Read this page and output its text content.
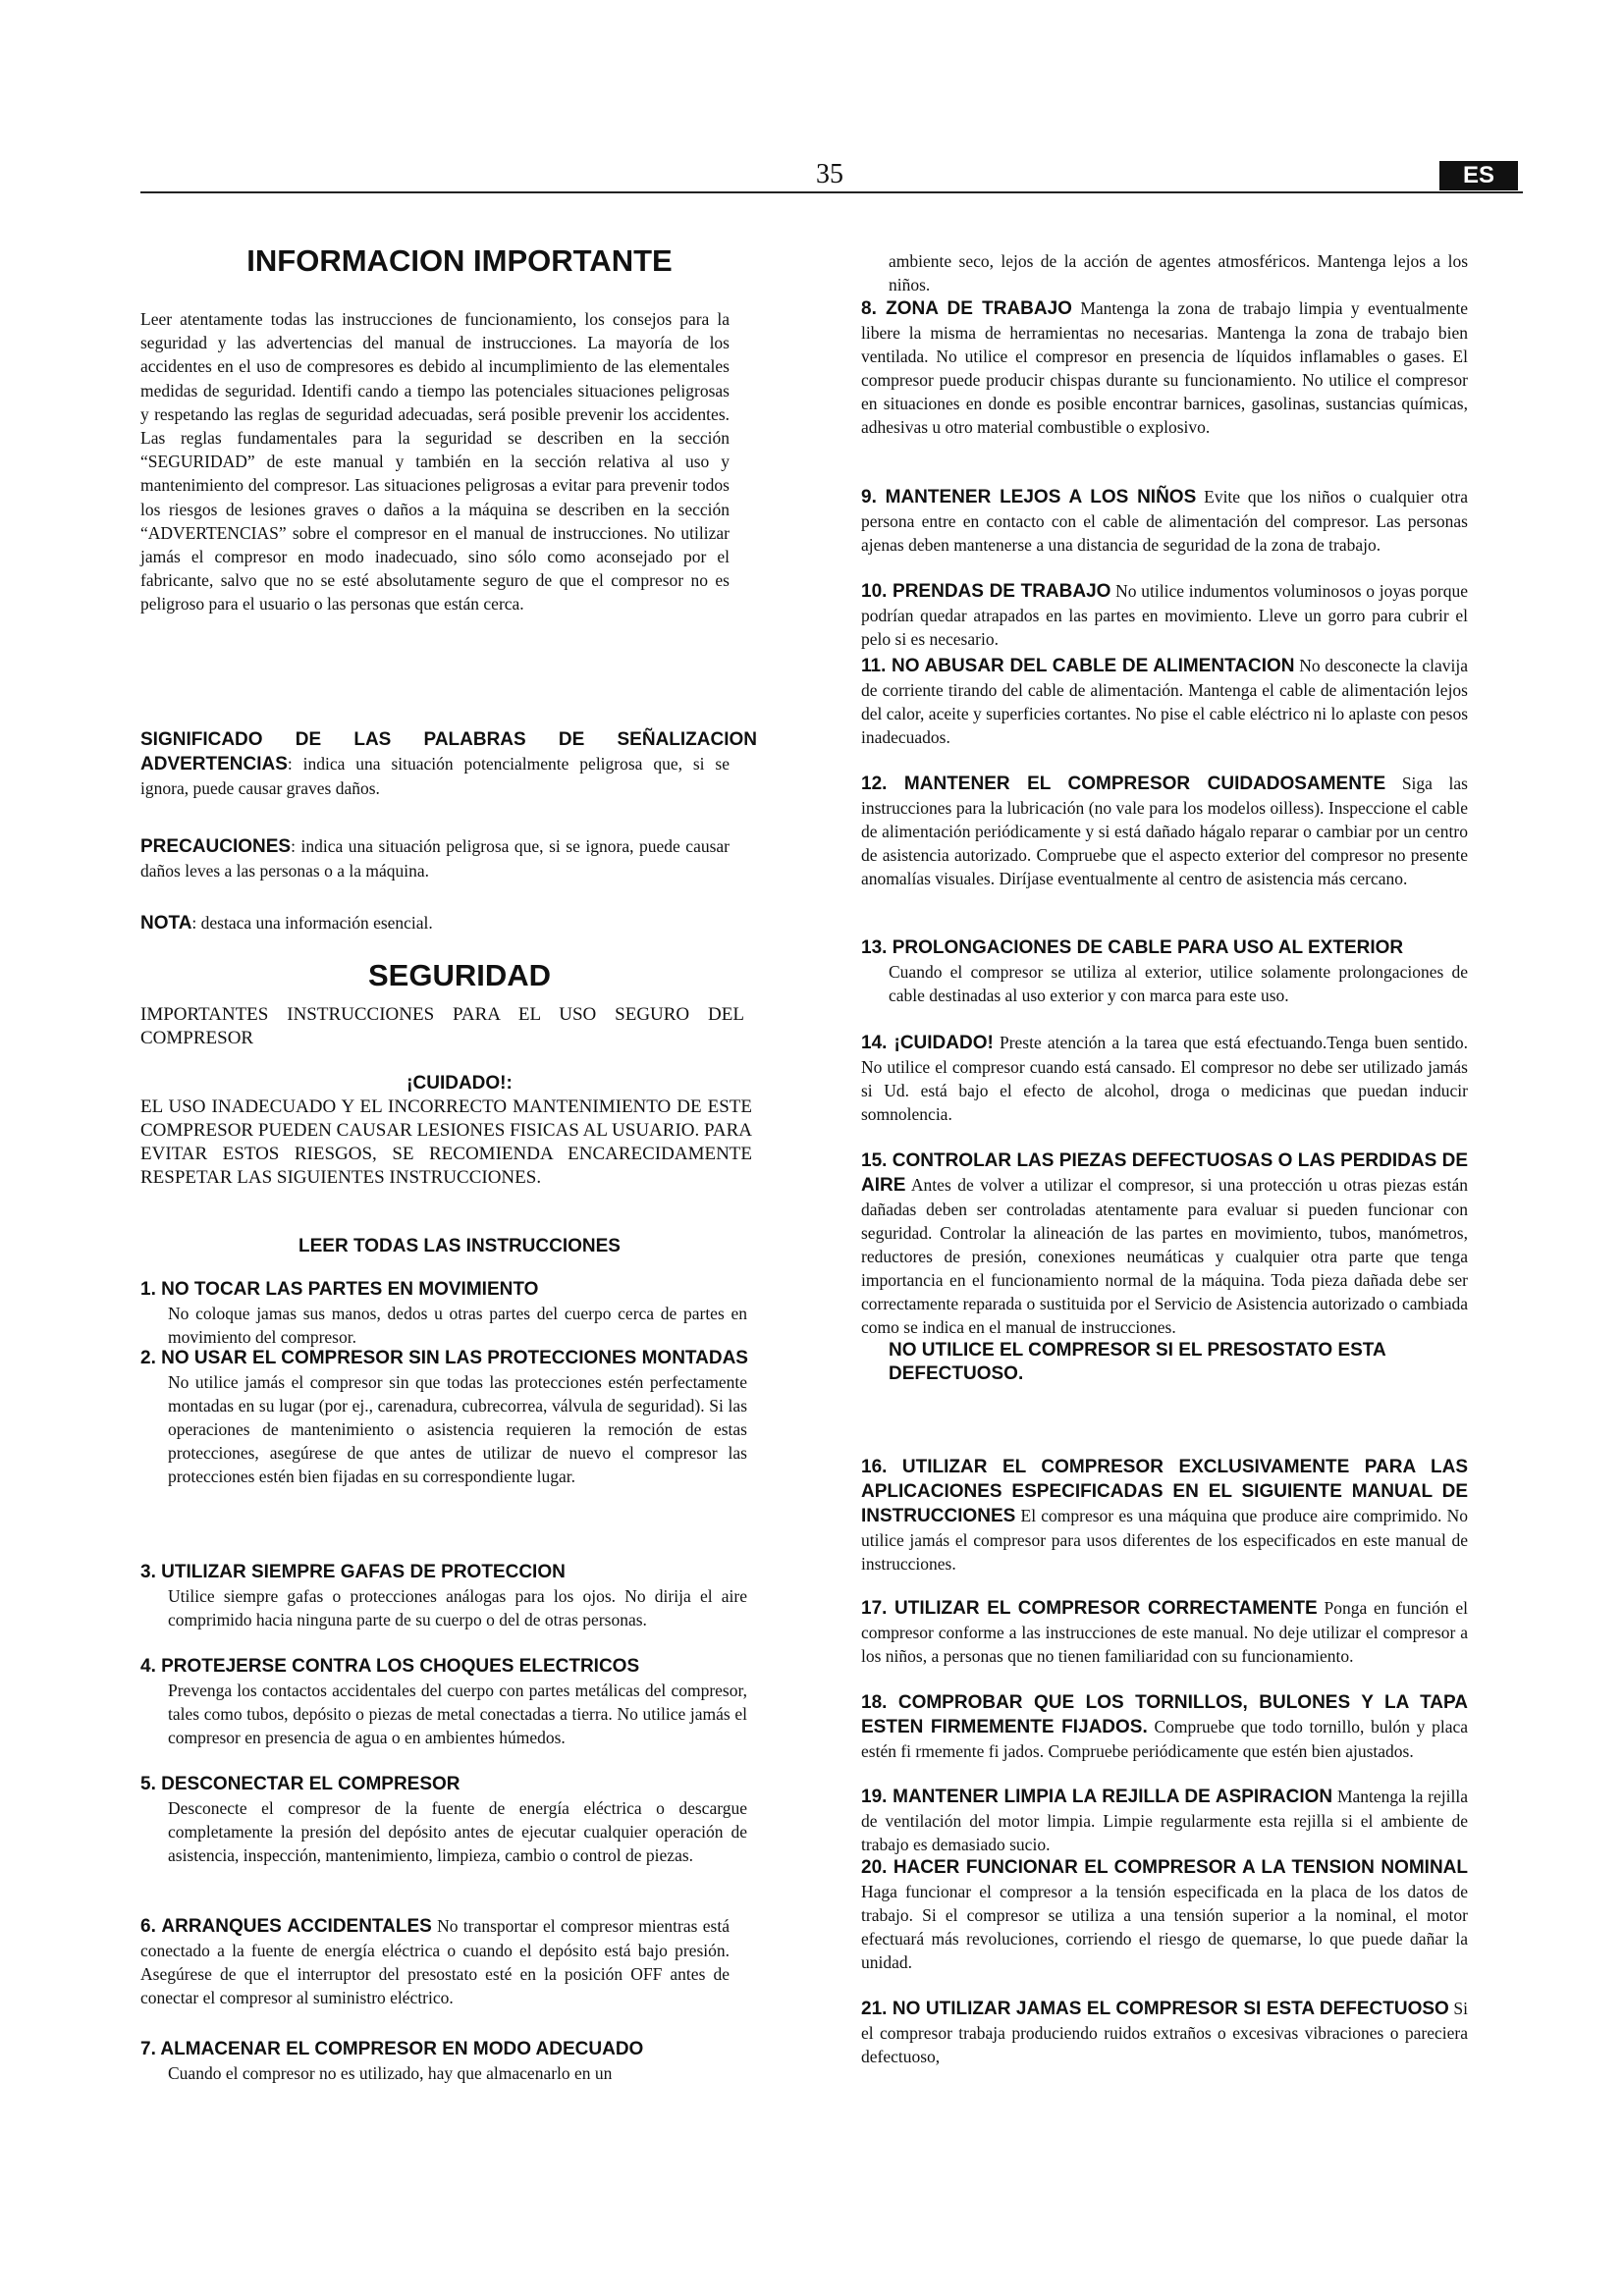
35	ES
INFORMACION IMPORTANTE

Leer atentamente todas las instrucciones de funcionamiento, los consejos para la seguridad y las advertencias del manual de instrucciones. La mayoría de los accidentes en el uso de compresores es debido al incumplimiento de las elementales medidas de seguridad. Identifi cando a tiempo las potenciales situaciones peligrosas y respetando las reglas de seguridad adecuadas, será posible prevenir los accidentes. Las reglas fundamentales para la seguridad se describen en la sección “SEGURIDAD” de este manual y también en la sección relativa al uso y mantenimiento del compresor. Las situaciones peligrosas a evitar para prevenir todos los riesgos de lesiones graves o daños a la máquina se describen en la sección “ADVERTENCIAS” sobre el compresor en el manual de instrucciones. No utilizar jamás el compresor en modo inadecuado, sino sólo como aconsejado por el fabricante, salvo que no se esté absolutamente seguro de que el compresor no es peligroso para el usuario o las personas que están cerca.

SIGNIFICADO DE LAS PALABRAS DE SEÑALIZACION

ADVERTENCIAS: indica una situación potencialmente peligrosa que, si se ignora, puede causar graves daños.

PRECAUCIONES: indica una situación peligrosa que, si se ignora, puede causar daños leves a las personas o a la máquina.

NOTA: destaca una información esencial.

SEGURIDAD

IMPORTANTES INSTRUCCIONES PARA EL USO SEGURO DEL COMPRESOR

¡CUIDADO!:

EL USO INADECUADO Y EL INCORRECTO MANTENIMIENTO DE ESTE COMPRESOR PUEDEN CAUSAR LESIONES FISICAS AL USUARIO. PARA EVITAR ESTOS RIESGOS, SE RECOMIENDA ENCARECIDAMENTE RESPETAR LAS SIGUIENTES INSTRUCCIONES.

LEER TODAS LAS INSTRUCCIONES

1. NO TOCAR LAS PARTES EN MOVIMIENTO

No coloque jamas sus manos, dedos u otras partes del cuerpo cerca de partes en movimiento del compresor.

2. NO USAR EL COMPRESOR SIN LAS PROTECCIONES MONTADAS

No utilice jamás el compresor sin que todas las protecciones estén perfectamente montadas en su lugar (por ej., carenadura, cubrecorrea, válvula de seguridad). Si las operaciones de mantenimiento o asistencia requieren la remoción de estas protecciones, asegúrese de que antes de utilizar de nuevo el compresor las protecciones estén bien fijadas en su correspondiente lugar.

3. UTILIZAR SIEMPRE GAFAS DE PROTECCION

Utilice siempre gafas o protecciones análogas para los ojos. No dirija el aire comprimido hacia ninguna parte de su cuerpo o del de otras personas.

4. PROTEJERSE CONTRA LOS CHOQUES ELECTRICOS

Prevenga los contactos accidentales del cuerpo con partes metálicas del compresor, tales como tubos, depósito o piezas de metal conectadas a tierra. No utilice jamás el compresor en presencia de agua o en ambientes húmedos.

5. DESCONECTAR EL COMPRESOR

Desconecte el compresor de la fuente de energía eléctrica o descargue completamente la presión del depósito antes de ejecutar cualquier operación de asistencia, inspección, mantenimiento, limpieza, cambio o control de piezas.

6. ARRANQUES ACCIDENTALES No transportar el compresor mientras está conectado a la fuente de energía eléctrica o cuando el depósito está bajo presión. Asegúrese de que el interruptor del presostato esté en la posición OFF antes de conectar el compresor al suministro eléctrico.

7. ALMACENAR EL COMPRESOR EN MODO ADECUADO

Cuando el compresor no es utilizado, hay que almacenarlo en un

ambiente seco, lejos de la acción de agentes atmosféricos. Mantenga lejos a los niños.

8. ZONA DE TRABAJO Mantenga la zona de trabajo limpia y eventualmente libere la misma de herramientas no necesarias. Mantenga la zona de trabajo bien ventilada. No utilice el compresor en presencia de líquidos inflamables o gases. El compresor puede producir chispas durante su funcionamiento. No utilice el compresor en situaciones en donde es posible encontrar barnices, gasolinas, sustancias químicas, adhesivas u otro material combustible o explosivo.

9. MANTENER LEJOS A LOS NIÑOS Evite que los niños o cualquier otra persona entre en contacto con el cable de alimentación del compresor. Las personas ajenas deben mantenerse a una distancia de seguridad de la zona de trabajo.

10. PRENDAS DE TRABAJO No utilice indumentos voluminosos o joyas porque podrían quedar atrapados en las partes en movimiento. Lleve un gorro para cubrir el pelo si es necesario.

11. NO ABUSAR DEL CABLE DE ALIMENTACION No desconecte la clavija de corriente tirando del cable de alimentación. Mantenga el cable de alimentación lejos del calor, aceite y superficies cortantes. No pise el cable eléctrico ni lo aplaste con pesos inadecuados.

12. MANTENER EL COMPRESOR CUIDADOSAMENTE Siga las instrucciones para la lubricación (no vale para los modelos oilless). Inspeccione el cable de alimentación periódicamente y si está dañado hágalo reparar o cambiar por un centro de asistencia autorizado. Compruebe que el aspecto exterior del compresor no presente anomalías visuales. Diríjase eventualmente al centro de asistencia más cercano.

13. PROLONGACIONES DE CABLE PARA USO AL EXTERIOR

Cuando el compresor se utiliza al exterior, utilice solamente prolongaciones de cable destinadas al uso exterior y con marca para este uso.

14. ¡CUIDADO! Preste atención a la tarea que está efectuando.Tenga buen sentido. No utilice el compresor cuando está cansado. El compresor no debe ser utilizado jamás si Ud. está bajo el efecto de alcohol, droga o medicinas que puedan inducir somnolencia.

15. CONTROLAR LAS PIEZAS DEFECTUOSAS O LAS PERDIDAS DE AIRE Antes de volver a utilizar el compresor, si una protección u otras piezas están dañadas deben ser controladas atentamente para evaluar si pueden funcionar con seguridad. Controlar la alineación de las partes en movimiento, tubos, manómetros, reductores de presión, conexiones neumáticas y cualquier otra parte que tenga importancia en el funcionamiento normal de la máquina. Toda pieza dañada debe ser correctamente reparada o sustituida por el Servicio de Asistencia autorizado o cambiada como se indica en el manual de instrucciones.

NO UTILICE EL COMPRESOR SI EL PRESOSTATO ESTA DEFECTUOSO.

16. UTILIZAR EL COMPRESOR EXCLUSIVAMENTE PARA LAS APLICACIONES ESPECIFICADAS EN EL SIGUIENTE MANUAL DE INSTRUCCIONES El compresor es una máquina que produce aire comprimido. No utilice jamás el compresor para usos diferentes de los especificados en este manual de instrucciones.

17. UTILIZAR EL COMPRESOR CORRECTAMENTE Ponga en función el compresor conforme a las instrucciones de este manual. No deje utilizar el compresor a los niños, a personas que no tienen familiaridad con su funcionamiento.

18. COMPROBAR QUE LOS TORNILLOS, BULONES Y LA TAPA ESTEN FIRMEMENTE FIJADOS. Compruebe que todo tornillo, bulón y placa estén fi rmemente fi jados. Compruebe periódicamente que estén bien ajustados.

19. MANTENER LIMPIA LA REJILLA DE ASPIRACION Mantenga la rejilla de ventilación del motor limpia. Limpie regularmente esta rejilla si el ambiente de trabajo es demasiado sucio.

20. HACER FUNCIONAR EL COMPRESOR A LA TENSION NOMINAL Haga funcionar el compresor a la tensión especificada en la placa de los datos de trabajo. Si el compresor se utiliza a una tensión superior a la nominal, el motor efectuará más revoluciones, corriendo el riesgo de quemarse, lo que puede dañar la unidad.

21. NO UTILIZAR JAMAS EL COMPRESOR SI ESTA DEFECTUOSO Si el compresor trabaja produciendo ruidos extraños o excesivas vibraciones o pareciera defectuoso,
